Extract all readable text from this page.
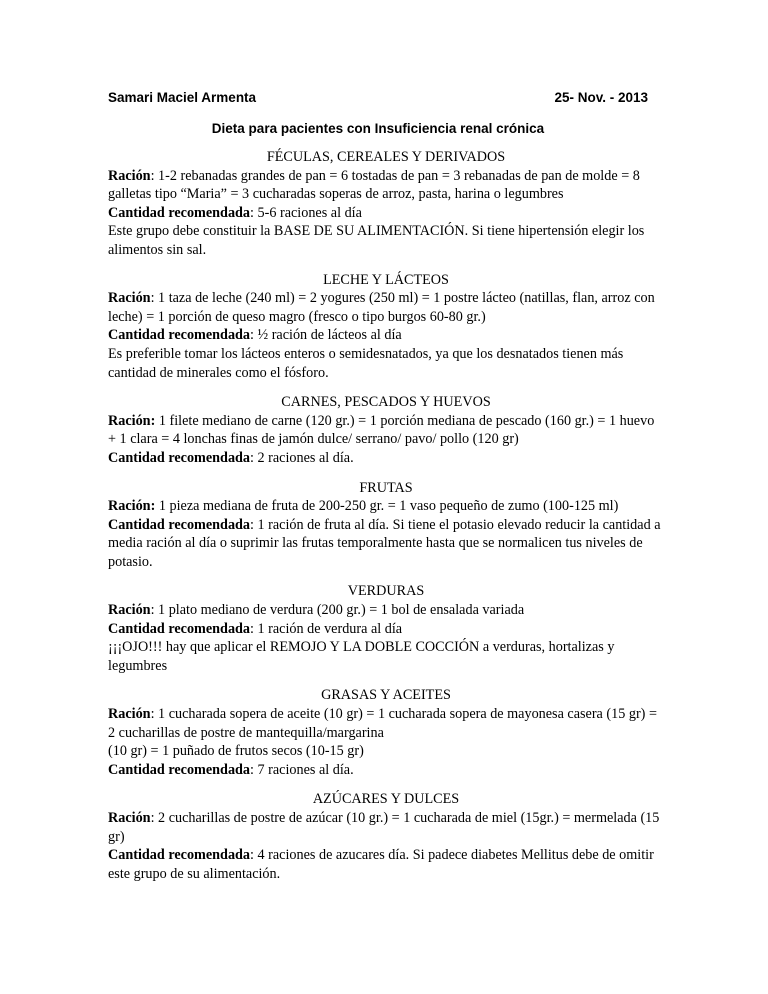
Samari Maciel Armenta	25- Nov. - 2013
Dieta para pacientes con Insuficiencia renal crónica
FÉCULAS, CEREALES Y DERIVADOS

Ración: 1-2 rebanadas grandes de pan = 6 tostadas de pan = 3 rebanadas de pan de molde = 8 galletas tipo “Maria” = 3 cucharadas soperas de arroz, pasta, harina o legumbres

Cantidad recomendada: 5-6 raciones al día

Este grupo debe constituir la BASE DE SU ALIMENTACIÓN. Si tiene hipertensión elegir los alimentos sin sal.

LECHE Y LÁCTEOS

Ración: 1 taza de leche (240 ml) = 2 yogures (250 ml) = 1 postre lácteo (natillas, flan, arroz con leche) = 1 porción de queso magro (fresco o tipo burgos 60-80 gr.)

Cantidad recomendada: ½ ración de lácteos al día

Es preferible tomar los lácteos enteros o semidesnatados, ya que los desnatados tienen más cantidad de minerales como el fósforo.

CARNES, PESCADOS Y HUEVOS

Ración: 1 filete mediano de carne (120 gr.) = 1 porción mediana de pescado (160 gr.) = 1 huevo + 1 clara = 4 lonchas finas de jamón dulce/ serrano/ pavo/ pollo (120 gr)

Cantidad recomendada: 2 raciones al día.

FRUTAS

Ración: 1 pieza mediana de fruta de 200-250 gr. = 1 vaso pequeño de zumo (100-125 ml)

Cantidad recomendada: 1 ración de fruta al día. Si tiene el potasio elevado reducir la cantidad a media ración al día o suprimir las frutas temporalmente hasta que se normalicen tus niveles de potasio.

VERDURAS

Ración: 1 plato mediano de verdura (200 gr.) = 1 bol de ensalada variada

Cantidad recomendada: 1 ración de verdura al día

¡¡¡OJO!!! hay que aplicar el REMOJO Y LA DOBLE COCCIÓN a verduras, hortalizas y legumbres

GRASAS Y ACEITES

Ración: 1 cucharada sopera de aceite (10 gr) = 1 cucharada sopera de mayonesa casera (15 gr) = 2 cucharillas de postre de mantequilla/margarina

(10 gr) = 1 puñado de frutos secos (10-15 gr)

Cantidad recomendada: 7 raciones al día.

AZÚCARES Y DULCES

Ración: 2 cucharillas de postre de azúcar (10 gr.) = 1 cucharada de miel (15gr.) = mermelada (15 gr)

Cantidad recomendada: 4 raciones de azucares día. Si padece diabetes Mellitus debe de omitir este grupo de su alimentación.
